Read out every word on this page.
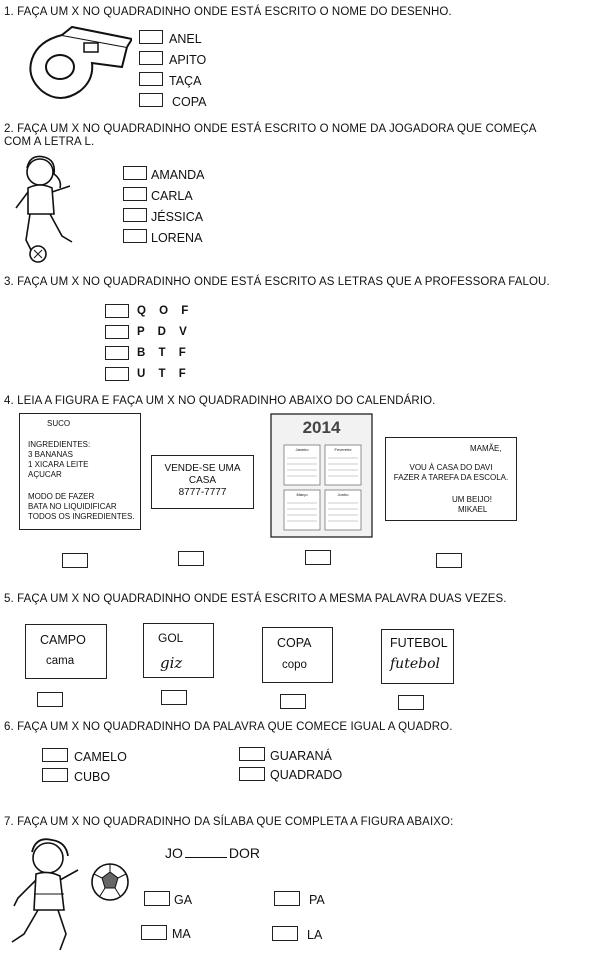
1. FAÇA UM X NO QUADRADINHO ONDE ESTÁ ESCRITO O NOME DO DESENHO.
ANEL
APITO
TAÇA
COPA
2. FAÇA UM X NO QUADRADINHO ONDE ESTÁ ESCRITO O NOME DA JOGADORA QUE COMEÇA
COM A LETRA L.
AMANDA
CARLA
JÉSSICA
LORENA
3. FAÇA UM X NO QUADRADINHO ONDE ESTÁ ESCRITO AS LETRAS QUE A PROFESSORA FALOU.
Q O F
P D V
B T F
U T F
4. LEIA A FIGURA E FAÇA UM X NO QUADRADINHO ABAIXO DO CALENDÁRIO.
SUCO
INGREDIENTES:
3 BANANAS
1 XICARA LEITE
AÇUCAR
MODO DE FAZER
BATA NO LIQUIDIFICAR
TODOS OS INGREDIENTES.
VENDE-SE UMA
CASA
8777-7777
2014
Janeiro	Fevereiro
Março	Junho
MAMÃE,
VOU À CASA DO DAVI
FAZER A TAREFA DA ESCOLA.
UM BEIJO!
MIKAEL
5. FAÇA UM X NO QUADRADINHO ONDE ESTÁ ESCRITO A MESMA PALAVRA DUAS VEZES.
CAMPO
cama
GOL
giz
COPA
copo
FUTEBOL
futebol
6. FAÇA UM X NO QUADRADINHO DA PALAVRA QUE COMECE IGUAL A QUADRO.
CAMELO
CUBO
GUARANÁ
QUADRADO
7. FAÇA UM X NO QUADRADINHO DA SÍLABA QUE COMPLETA A FIGURA ABAIXO:
JO	DOR
GA	PA
MA	LA
